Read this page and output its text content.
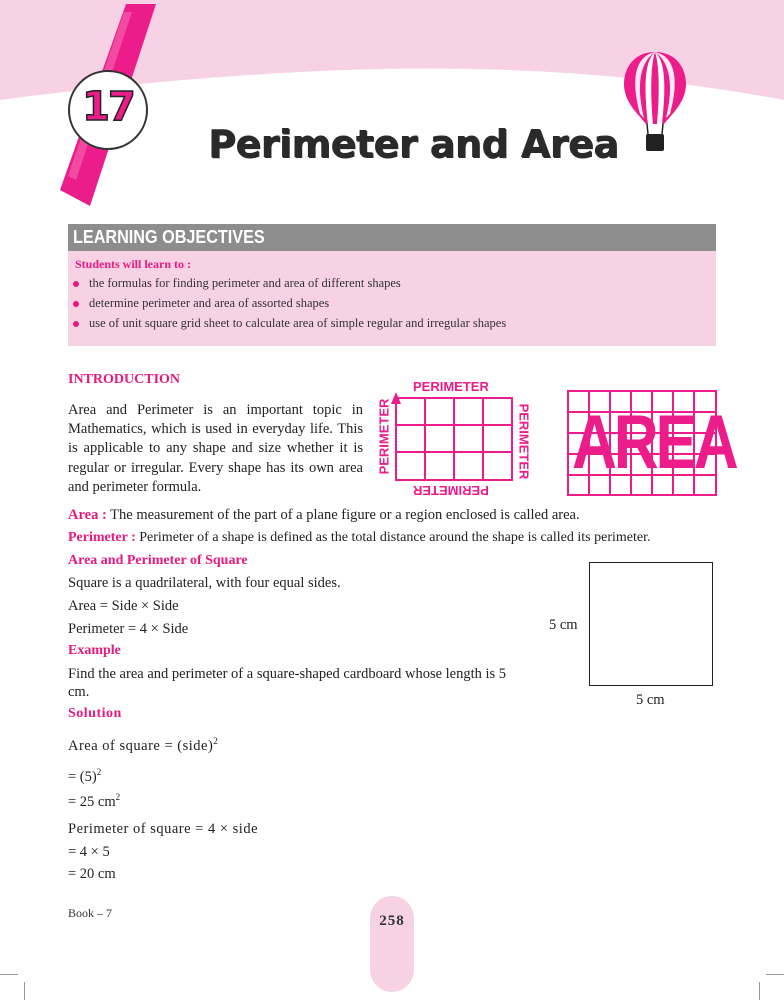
17
Perimeter and Area
LEARNING OBJECTIVES
Students will learn to :
the formulas for finding perimeter and area of different shapes
determine perimeter and area of assorted shapes
use of unit square grid sheet to calculate area of simple regular and irregular shapes
INTRODUCTION
Area and Perimeter is an important topic in Mathematics, which is used in everyday life. This is applicable to any shape and size whether it is regular or irregular. Every shape has its own area and perimeter formula.
PERIMETER
PERIMETER
PERIMETER
PERIMETER AREA
Area : The measurement of the part of a plane figure or a region enclosed is called area.
Perimeter : Perimeter of a shape is defined as the total distance around the shape is called its perimeter.
Area and Perimeter of Square
Square is a quadrilateral, with four equal sides.
Area = Side × Side
Perimeter = 4 × Side	5 cm
5 cm
Example
Find the area and perimeter of a square-shaped cardboard whose length is 5 cm.
Solution
Area of square = (side)$^2$
= $(5)^2$
= 25 $cm^2$
Perimeter of square = 4 × side
= 4 × 5
= 20 cm
Book – 7	258
